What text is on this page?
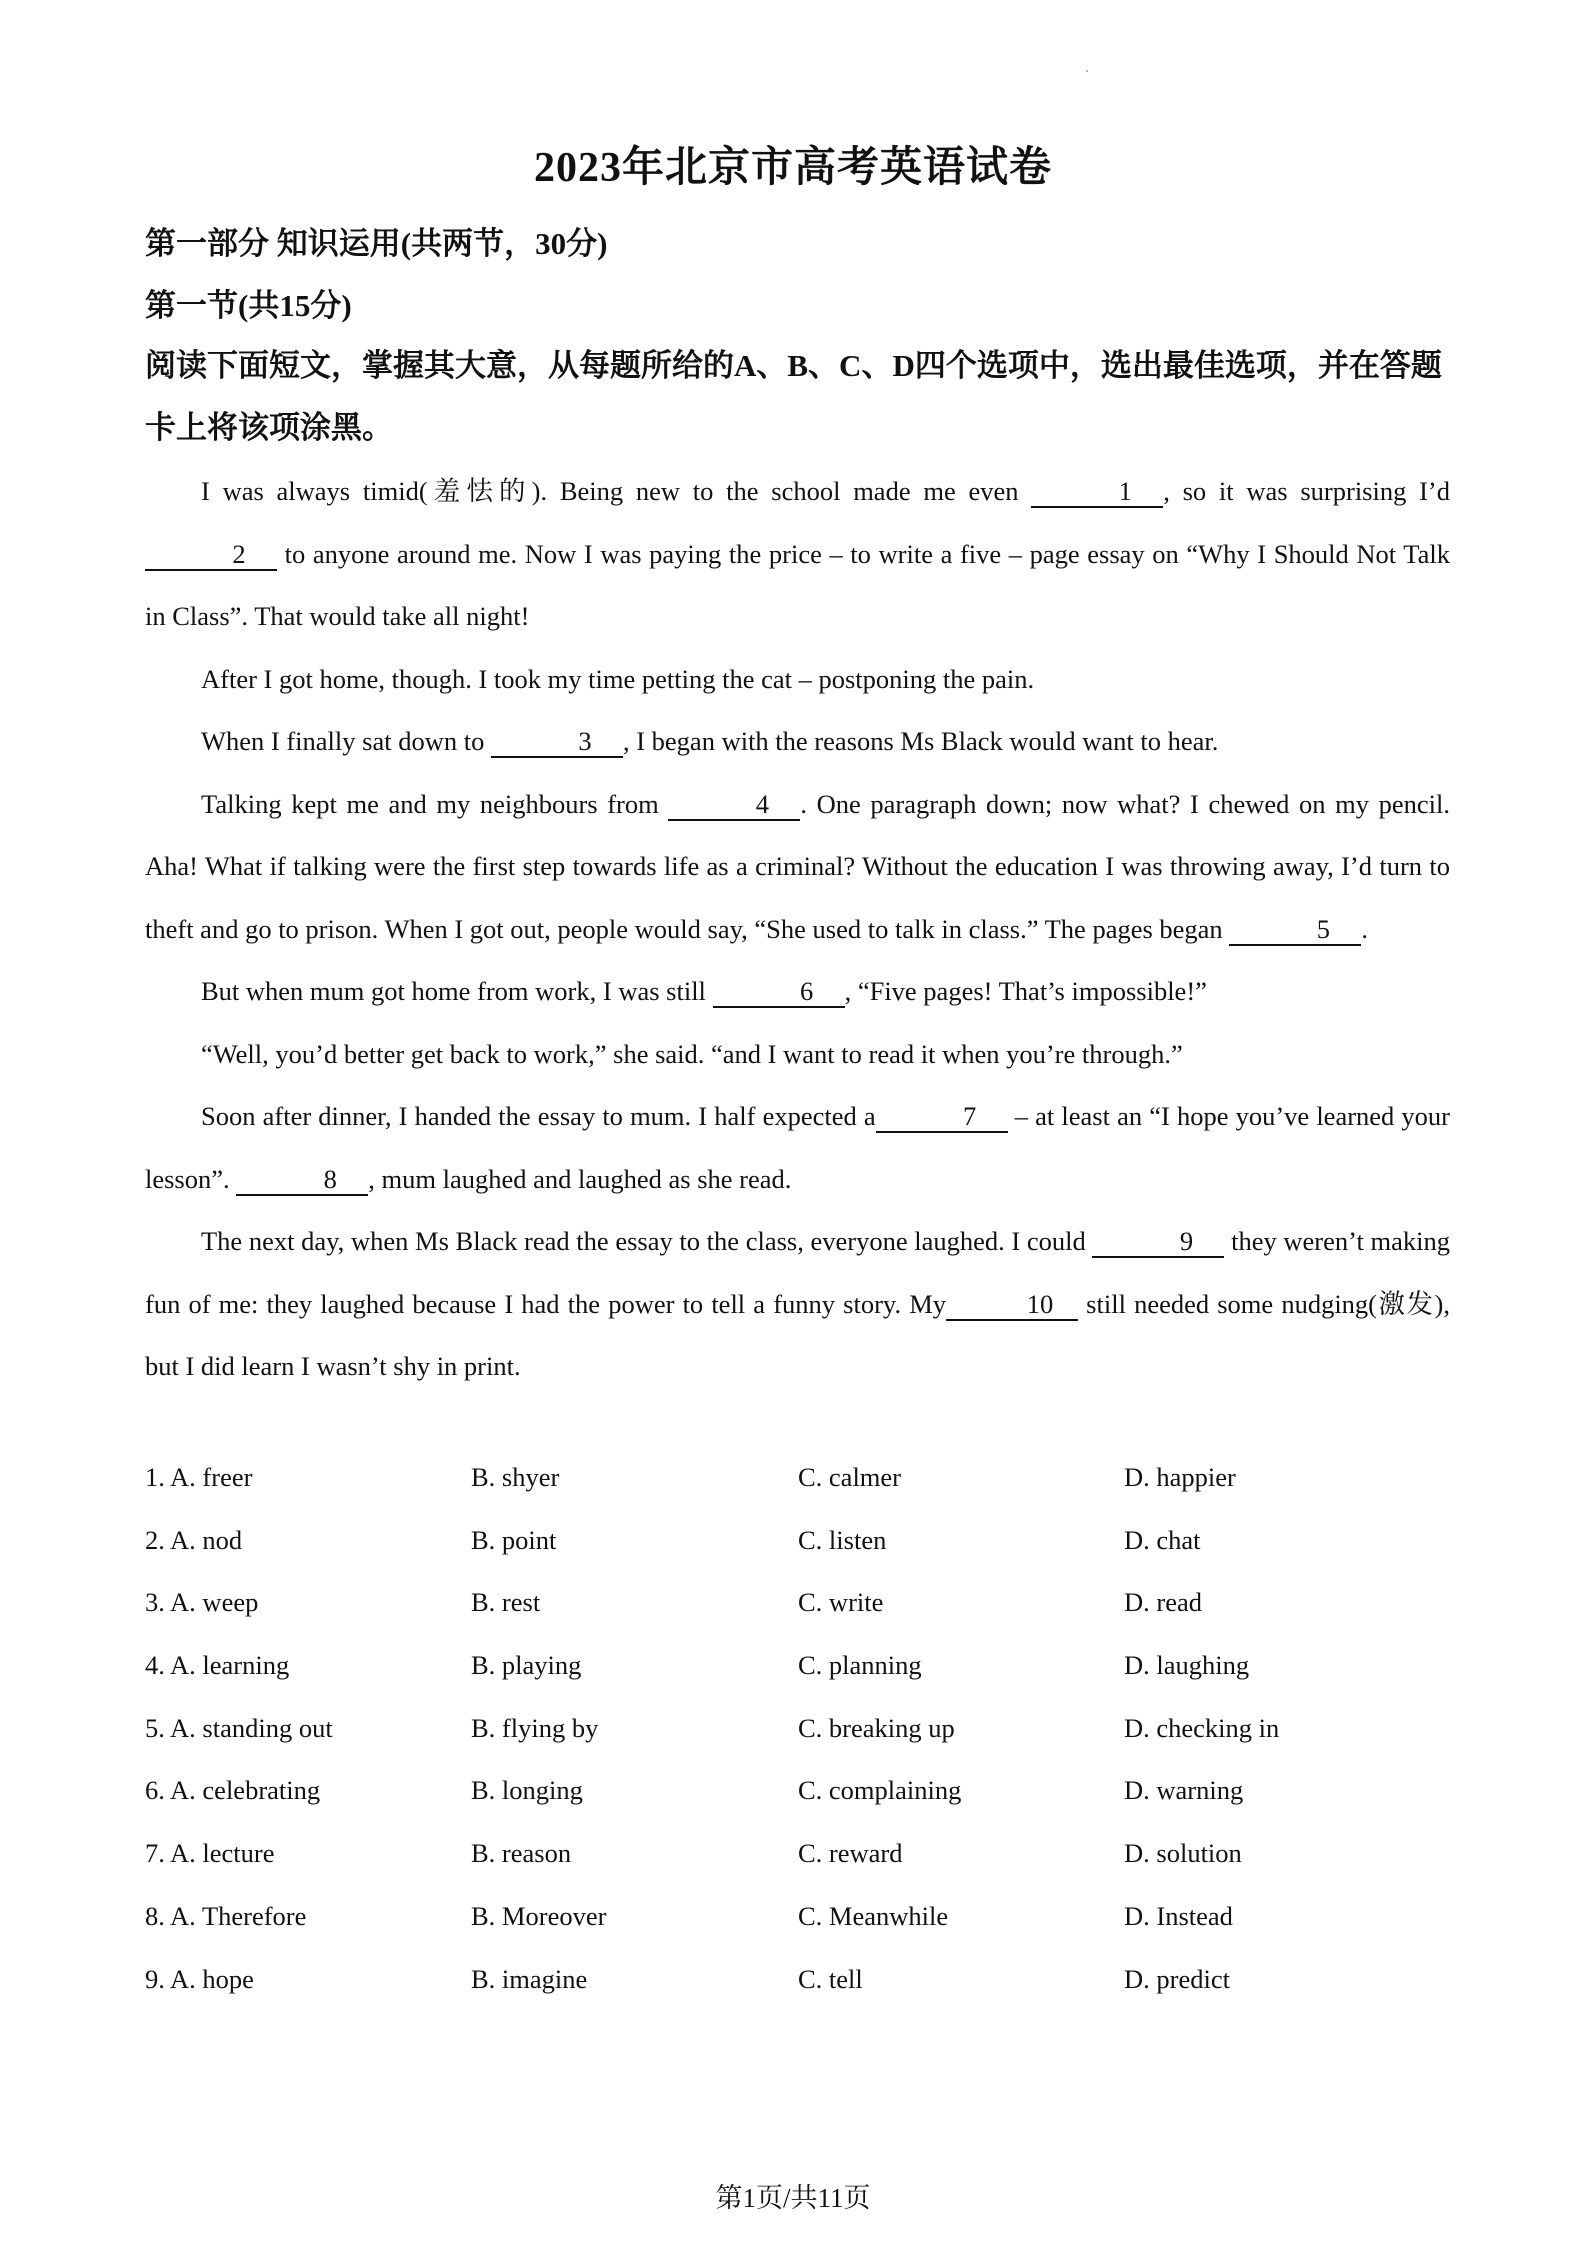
2023年北京市高考英语试卷

第一部分 知识运用(共两节，30分)

第一节(共15分)

阅读下面短文，掌握其大意，从每题所给的A、B、C、D四个选项中，选出最佳选项，并在答题卡上将该项涂黑。

I was always timid(羞怯的). Being new to the school made me even	1 , so it was surprising I’d 2 to anyone around me. Now I was paying the price – to write a five – page essay on “Why I Should Not Talk in Class”. That would take all night!

After I got home, though. I took my time petting the cat – postponing the pain.

When I finally sat down to	3 , I began with the reasons Ms Black would want to hear.

Talking kept me and my neighbours from	4 . One paragraph down; now what? I chewed on my pencil. Aha! What if talking were the first step towards life as a criminal? Without the education I was throwing away, I’d turn to theft and go to prison. When I got out, people would say, “She used to talk in class.” The pages began	5 .

But when mum got home from work, I was still	6 , “Five pages! That’s impossible!”

“Well, you’d better get back to work,” she said. “and I want to read it when you’re through.”

Soon after dinner, I handed the essay to mum. I half expected a	7 – at least an “I hope you’ve learned your lesson”.	8 , mum laughed and laughed as she read.

The next day, when Ms Black read the essay to the class, everyone laughed. I could	9 they weren’t making fun of me: they laughed because I had the power to tell a funny story. My	10 still needed some nudging(激发), but I did learn I wasn’t shy in print.

1. A. freer	B. shyer	C. calmer	D. happier
2. A. nod	B. point	C. listen	D. chat
3. A. weep	B. rest	C. write	D. read
4. A. learning	B. playing	C. planning	D. laughing
5. A. standing out	B. flying by	C. breaking up	D. checking in
6. A. celebrating	B. longing	C. complaining	D. warning
7. A. lecture	B. reason	C. reward	D. solution
8. A. Therefore	B. Moreover	C. Meanwhile	D. Instead
9. A. hope	B. imagine	C. tell	D. predict
第1页/共11页
